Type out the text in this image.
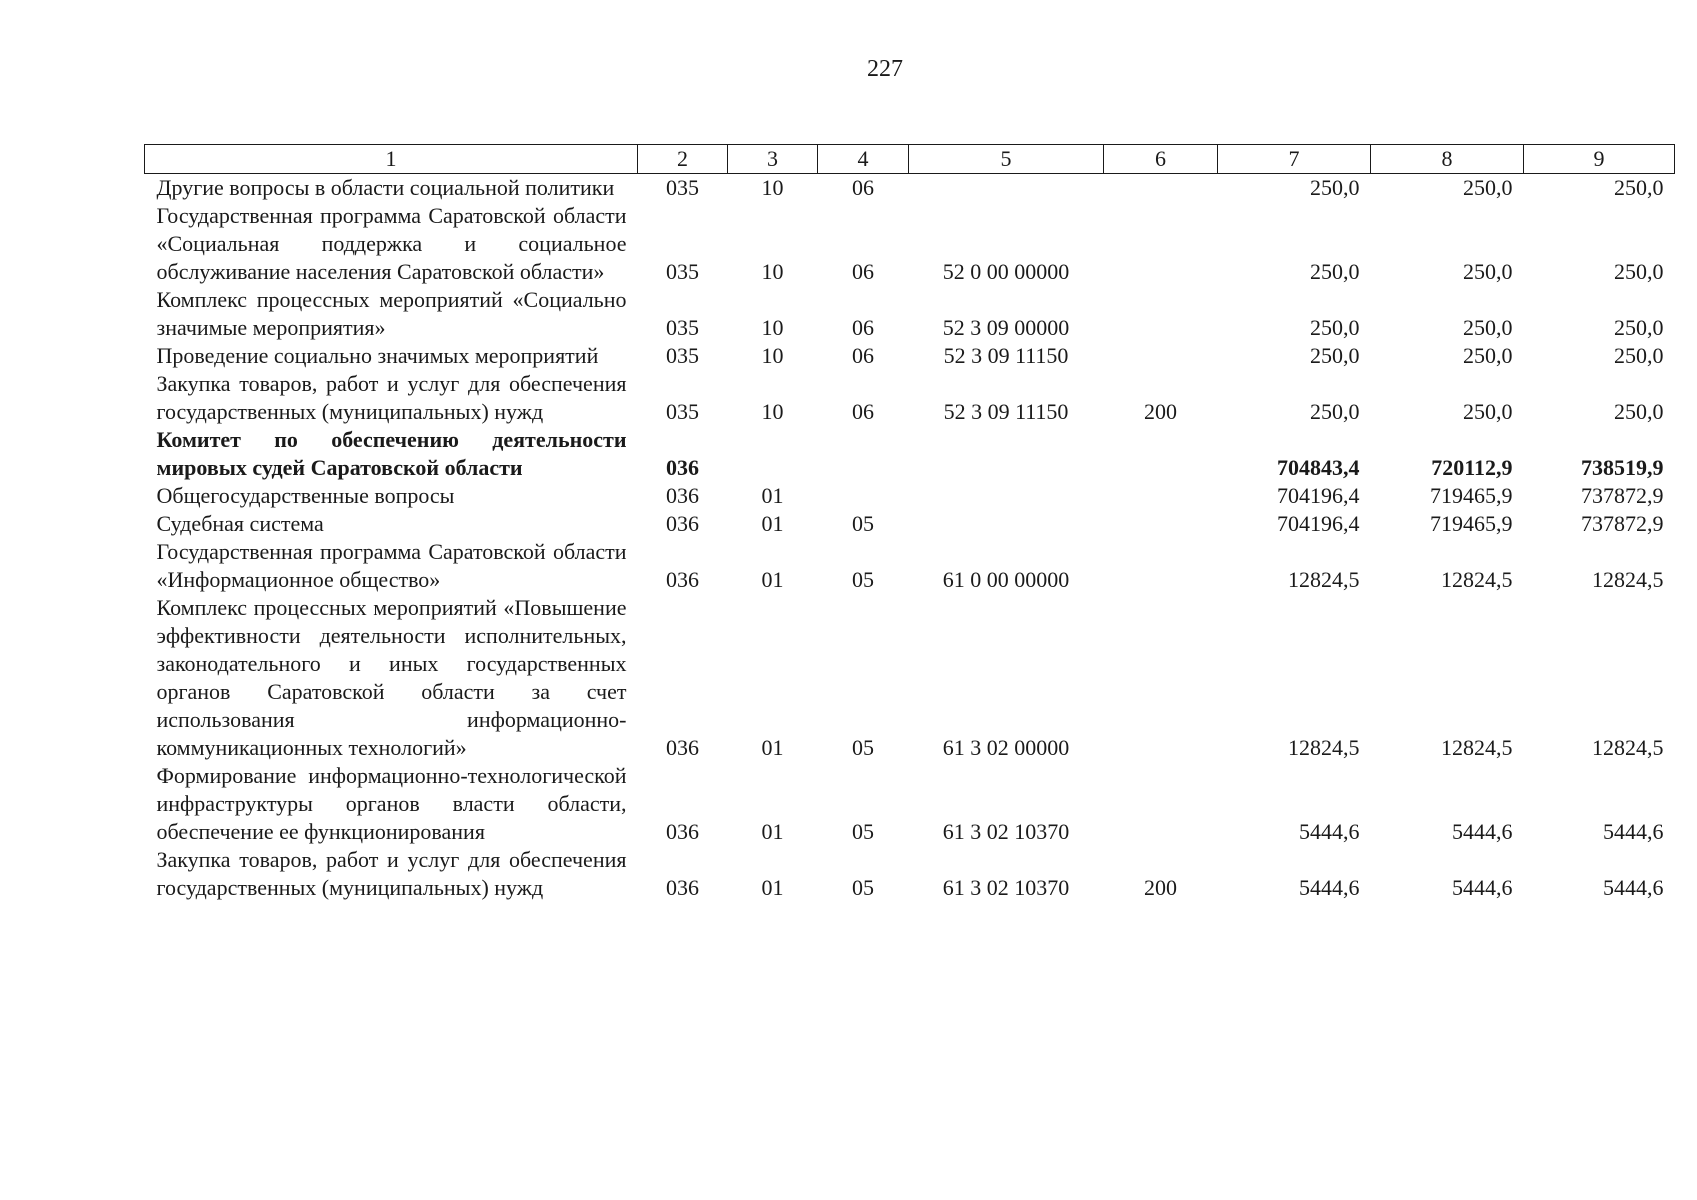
227
1	2	3	4	5	6	7	8	9
Другие вопросы в области социальной политики	035	10	06			250,0	250,0	250,0
Государственная программа Саратовской области «Социальная поддержка и социальное обслуживание населения Саратовской области»	035	10	06	52 0 00 00000		250,0	250,0	250,0
Комплекс процессных мероприятий «Социально значимые мероприятия»	035	10	06	52 3 09 00000		250,0	250,0	250,0
Проведение социально значимых мероприятий	035	10	06	52 3 09 11150		250,0	250,0	250,0
Закупка товаров, работ и услуг для обеспечения государственных (муниципальных) нужд	035	10	06	52 3 09 11150	200	250,0	250,0	250,0
Комитет по обеспечению деятельности мировых судей Саратовской области	036					704843,4	720112,9	738519,9
Общегосударственные вопросы	036	01				704196,4	719465,9	737872,9
Судебная система	036	01	05			704196,4	719465,9	737872,9
Государственная программа Саратовской области «Информационное общество»	036	01	05	61 0 00 00000		12824,5	12824,5	12824,5
Комплекс процессных мероприятий «Повышение эффективности деятельности исполнительных, законодательного и иных государственных органов Саратовской области за счет использования информационно-коммуникационных технологий»	036	01	05	61 3 02 00000		12824,5	12824,5	12824,5
Формирование информационно-технологической инфраструктуры органов власти области, обеспечение ее функционирования	036	01	05	61 3 02 10370		5444,6	5444,6	5444,6
Закупка товаров, работ и услуг для обеспечения государственных (муниципальных) нужд	036	01	05	61 3 02 10370	200	5444,6	5444,6	5444,6
